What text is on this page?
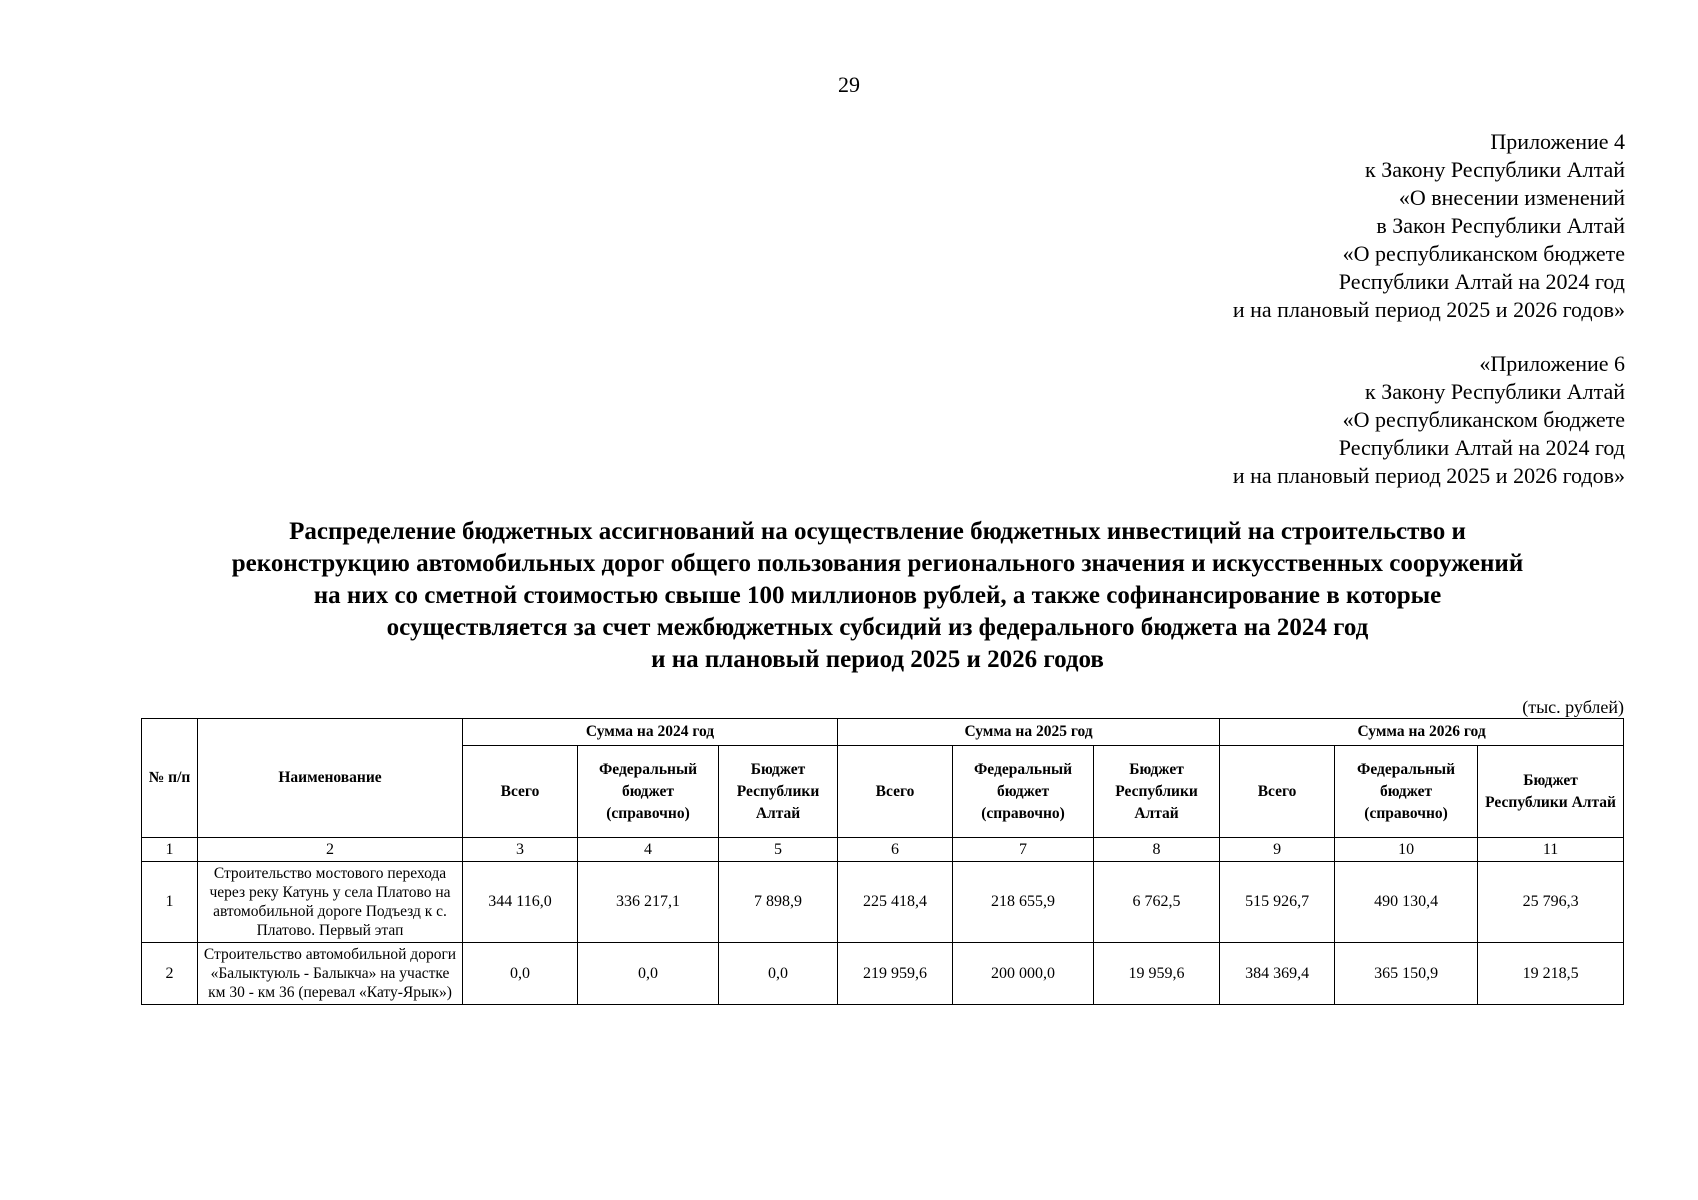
29
Приложение 4
к Закону Республики Алтай
«О внесении изменений
в Закон Республики Алтай
«О республиканском бюджете
Республики Алтай на 2024 год
и на плановый период 2025 и 2026 годов»
«Приложение 6
к Закону Республики Алтай
«О республиканском бюджете
Республики Алтай на 2024 год
и на плановый период 2025 и 2026 годов»
Распределение бюджетных ассигнований на осуществление бюджетных инвестиций на строительство и
реконструкцию автомобильных дорог общего пользования регионального значения и искусственных сооружений
на них со сметной стоимостью свыше 100 миллионов рублей, а также софинансирование в которые
осуществляется за счет межбюджетных субсидий из федерального бюджета на 2024 год
и на плановый период 2025 и 2026 годов
(тыс. рублей)
№ п/п	Наименование	Сумма на 2024 год			Сумма на 2025 год			Сумма на 2026 год		
		Всего	Федеральный бюджет (справочно)	Бюджет Республики Алтай	Всего	Федеральный бюджет (справочно)	Бюджет Республики Алтай	Всего	Федеральный бюджет (справочно)	Бюджет Республики Алтай
1	2	3	4	5	6	7	8	9	10	11
1	Строительство мостового перехода через реку Катунь у села Платово на автомобильной дороге Подъезд к с. Платово. Первый этап	344 116,0	336 217,1	7 898,9	225 418,4	218 655,9	6 762,5	515 926,7	490 130,4	25 796,3
2	Строительство автомобильной дороги «Балыктуюль - Балыкча» на участке км 30 - км 36 (перевал «Кату-Ярык»)	0,0	0,0	0,0	219 959,6	200 000,0	19 959,6	384 369,4	365 150,9	19 218,5
